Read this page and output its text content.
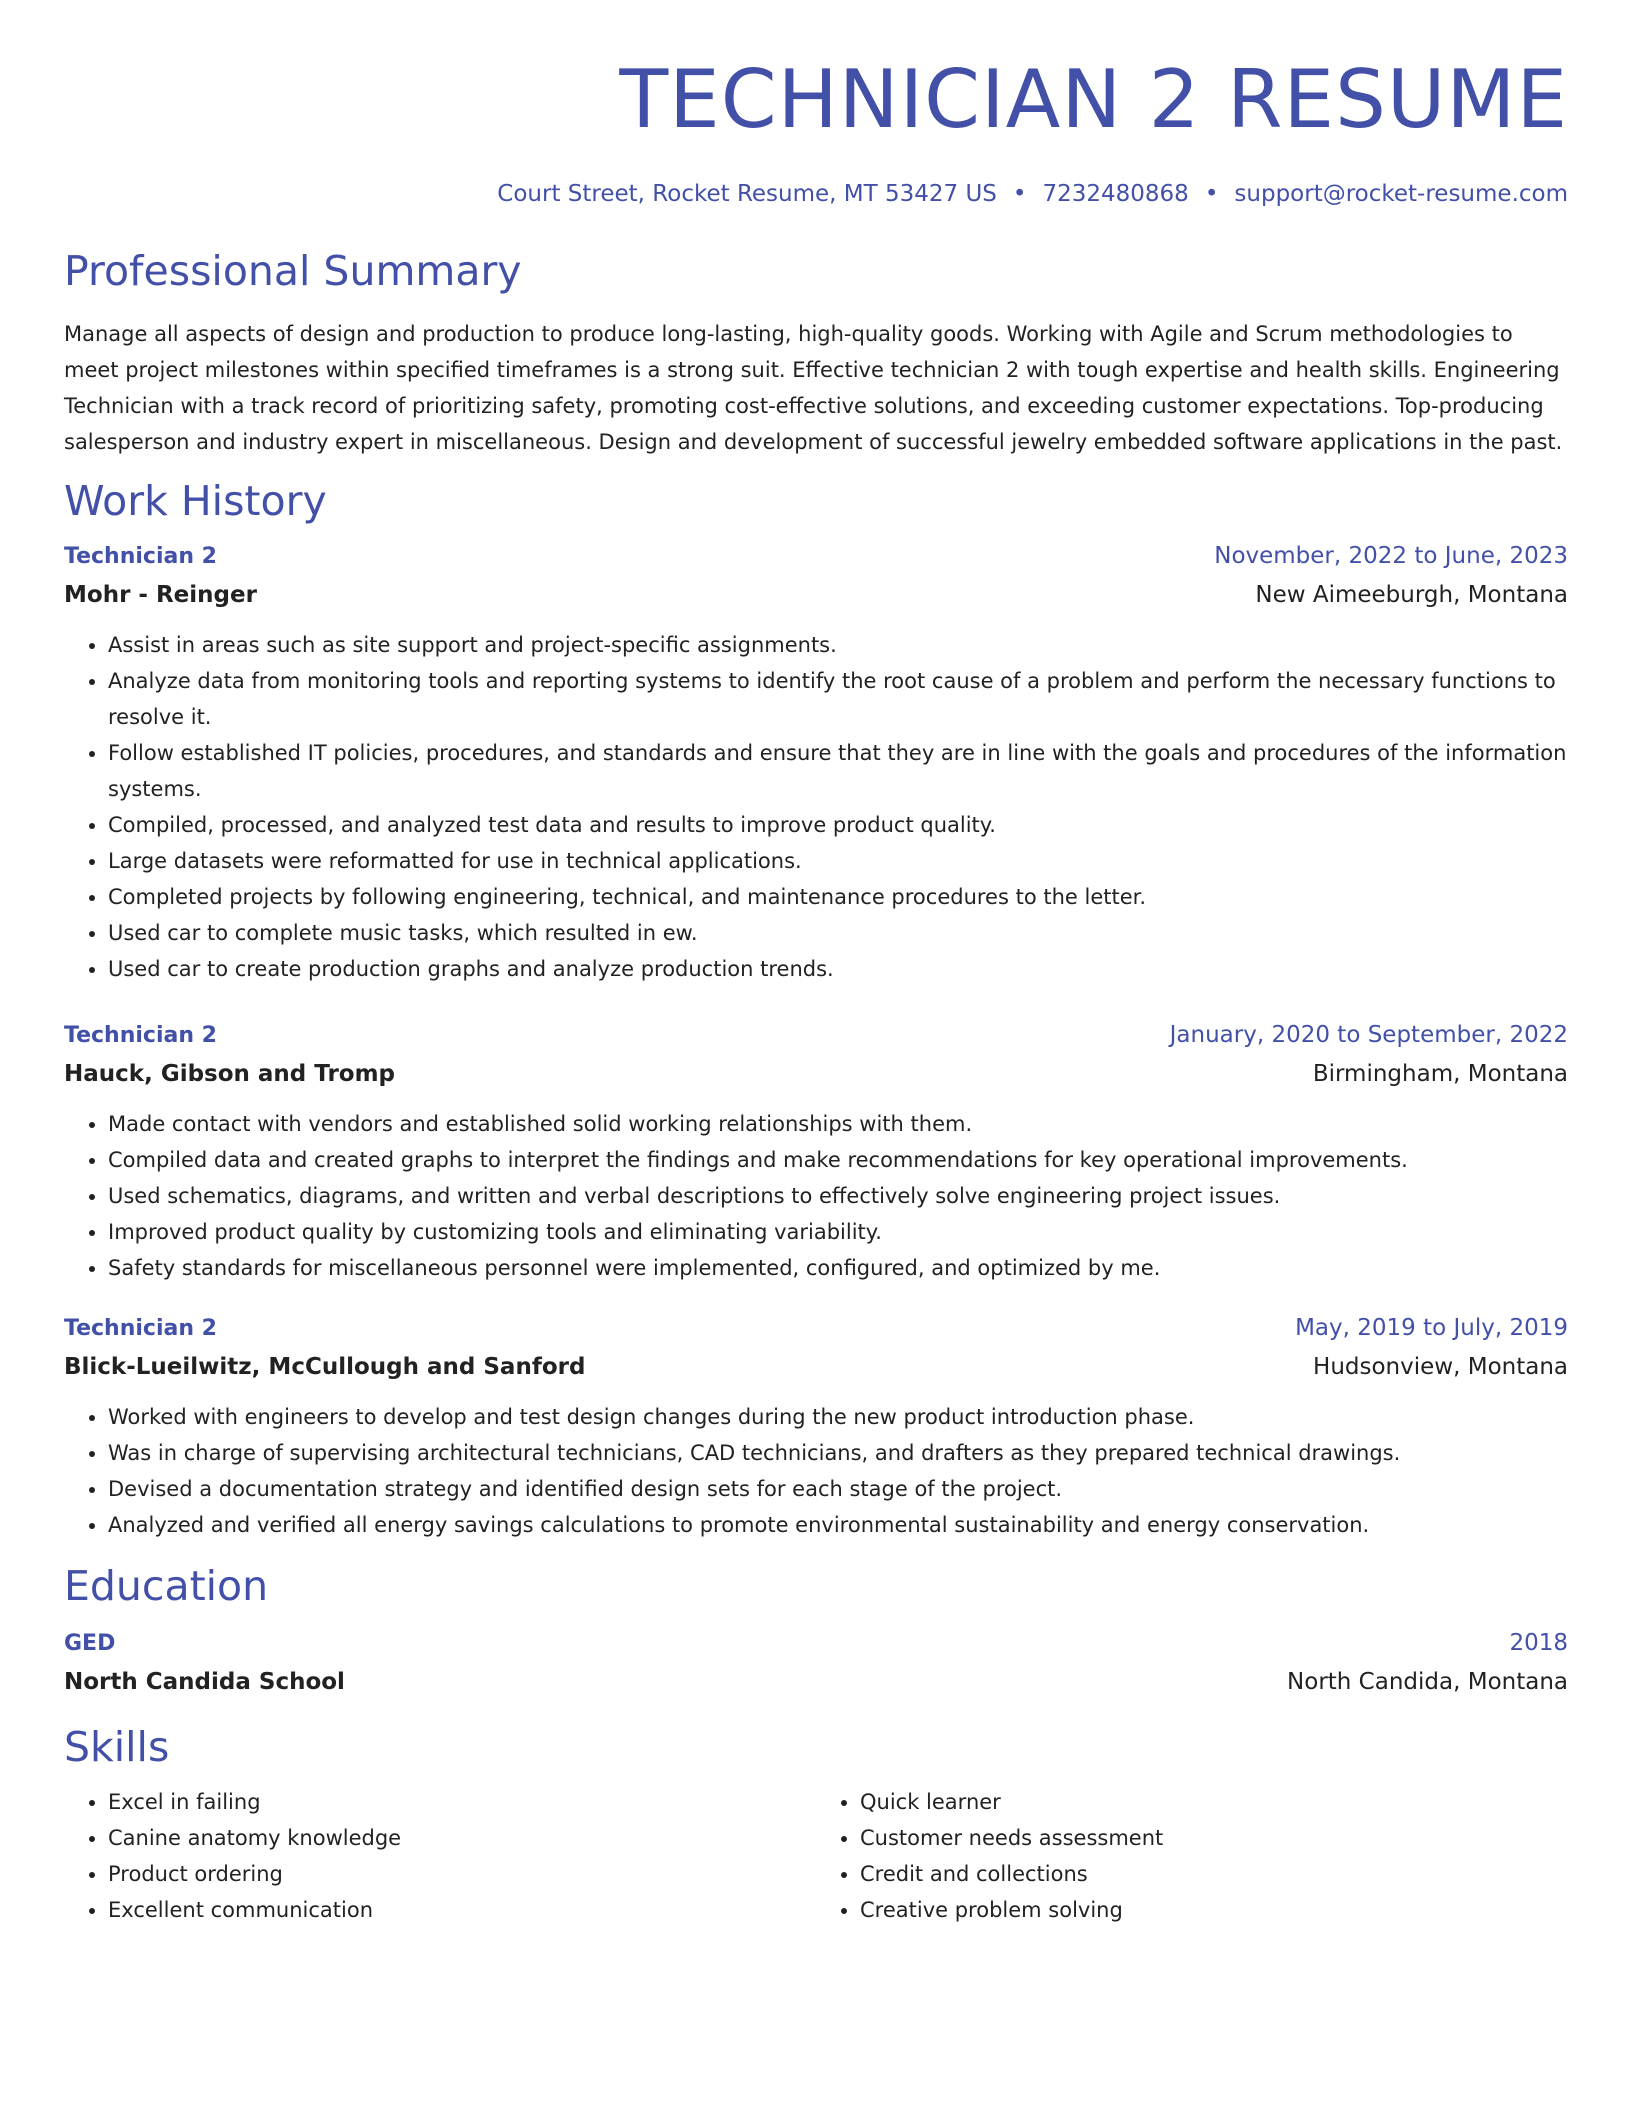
TECHNICIAN 2 RESUME
Court Street, Rocket Resume, MT 53427 US • 7232480868 • support@rocket-resume.com
Professional Summary

Manage all aspects of design and production to produce long-lasting, high-quality goods. Working with Agile and Scrum methodologies to meet project milestones within specified timeframes is a strong suit. Effective technician 2 with tough expertise and health skills. Engineering Technician with a track record of prioritizing safety, promoting cost-effective solutions, and exceeding customer expectations. Top-producing salesperson and industry expert in miscellaneous. Design and development of successful jewelry embedded software applications in the past.

Work History
Technician 2	November, 2022 to June, 2023
Mohr - Reinger	New Aimeeburgh, Montana
• Assist in areas such as site support and project-specific assignments.
• Analyze data from monitoring tools and reporting systems to identify the root cause of a problem and perform the necessary functions to resolve it.
• Follow established IT policies, procedures, and standards and ensure that they are in line with the goals and procedures of the information systems.
• Compiled, processed, and analyzed test data and results to improve product quality.
• Large datasets were reformatted for use in technical applications.
• Completed projects by following engineering, technical, and maintenance procedures to the letter.
• Used car to complete music tasks, which resulted in ew.
• Used car to create production graphs and analyze production trends.
Technician 2	January, 2020 to September, 2022
Hauck, Gibson and Tromp	Birmingham, Montana
• Made contact with vendors and established solid working relationships with them.
• Compiled data and created graphs to interpret the findings and make recommendations for key operational improvements.
• Used schematics, diagrams, and written and verbal descriptions to effectively solve engineering project issues.
• Improved product quality by customizing tools and eliminating variability.
• Safety standards for miscellaneous personnel were implemented, configured, and optimized by me.
Technician 2	May, 2019 to July, 2019
Blick-Lueilwitz, McCullough and Sanford	Hudsonview, Montana
• Worked with engineers to develop and test design changes during the new product introduction phase.
• Was in charge of supervising architectural technicians, CAD technicians, and drafters as they prepared technical drawings.
• Devised a documentation strategy and identified design sets for each stage of the project.
• Analyzed and verified all energy savings calculations to promote environmental sustainability and energy conservation.
Education
GED	2018
North Candida School	North Candida, Montana
Skills
• Excel in failing
• Canine anatomy knowledge
• Product ordering
• Excellent communication
• Quick learner
• Customer needs assessment
• Credit and collections
• Creative problem solving
